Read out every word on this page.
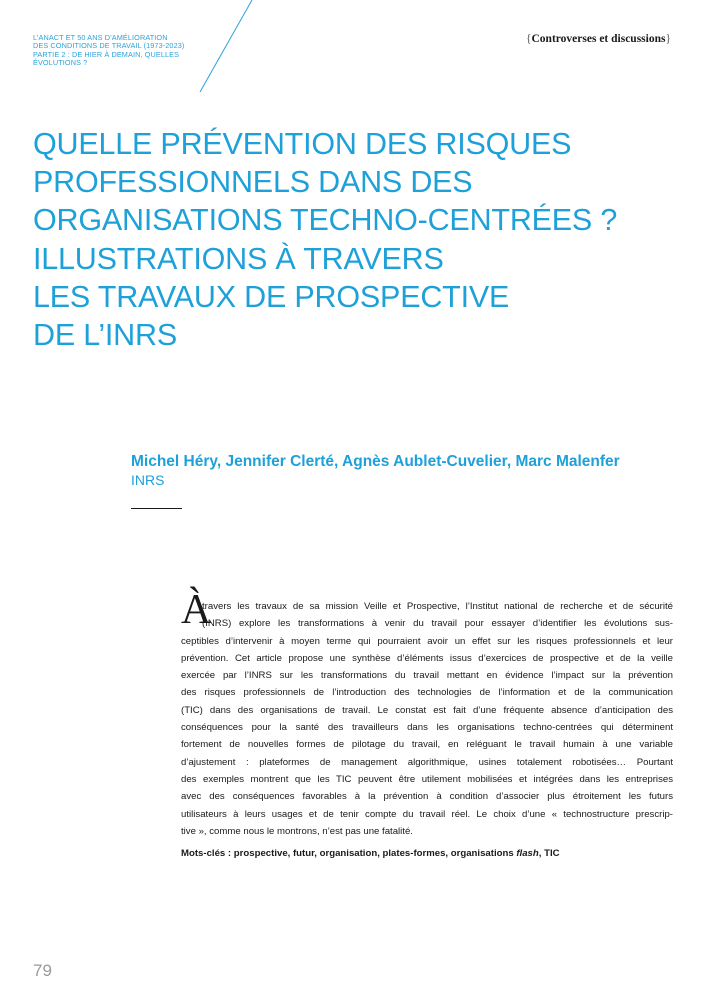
L’ANACT ET 50 ANS D’AMÉLIORATION
DES CONDITIONS DE TRAVAIL (1973-2023)
PARTIE 2 : DE HIER À DEMAIN, QUELLES
ÉVOLUTIONS ?
{Controverses et discussions}
QUELLE PRÉVENTION DES RISQUES
PROFESSIONNELS DANS DES
ORGANISATIONS TECHNO-CENTRÉES ?
ILLUSTRATIONS À TRAVERS
LES TRAVAUX DE PROSPECTIVE
DE L’INRS
Michel Héry, Jennifer Clerté, Agnès Aublet-Cuvelier, Marc Malenfer
INRS
À
travers les travaux de sa mission Veille et Prospective, l’Institut national de recherche et de sécurité
(INRS) explore les transformations à venir du travail pour essayer d’identifier les évolutions sus-
ceptibles d’intervenir à moyen terme qui pourraient avoir un effet sur les risques professionnels et leur
prévention. Cet article propose une synthèse d’éléments issus d’exercices de prospective et de la veille
exercée par l’INRS sur les transformations du travail mettant en évidence l’impact sur la prévention
des risques professionnels de l’introduction des technologies de l’information et de la communication
(TIC) dans des organisations de travail. Le constat est fait d’une fréquente absence d’anticipation des
conséquences pour la santé des travailleurs dans les organisations techno-centrées qui déterminent
fortement de nouvelles formes de pilotage du travail, en reléguant le travail humain à une variable
d’ajustement : plateformes de management algorithmique, usines totalement robotisées… Pourtant
des exemples montrent que les TIC peuvent être utilement mobilisées et intégrées dans les entreprises
avec des conséquences favorables à la prévention à condition d’associer plus étroitement les futurs
utilisateurs à leurs usages et de tenir compte du travail réel. Le choix d’une « technostructure prescrip-
tive », comme nous le montrons, n’est pas une fatalité.
Mots-clés : prospective, futur, organisation, plates-formes, organisations flash, TIC
79
